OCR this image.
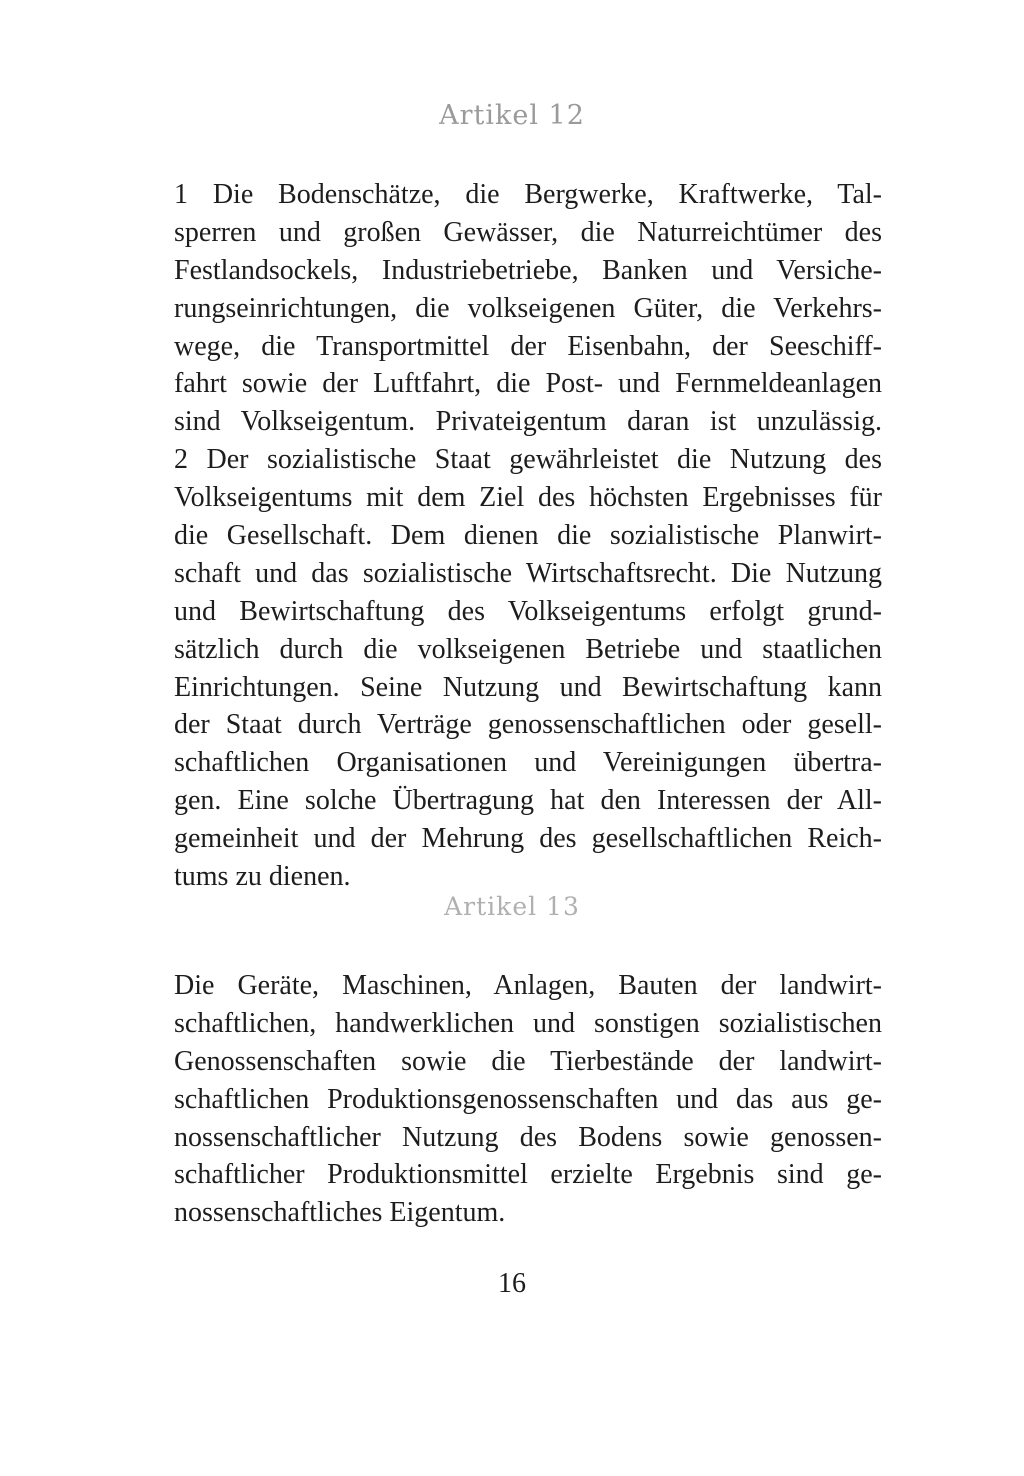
Artikel 12
1 Die Bodenschätze, die Bergwerke, Kraftwerke, Tal-
sperren und großen Gewässer, die Naturreichtümer des
Festlandsockels, Industriebetriebe, Banken und Versiche-
rungseinrichtungen, die volkseigenen Güter, die Verkehrs-
wege, die Transportmittel der Eisenbahn, der Seeschiff-
fahrt sowie der Luftfahrt, die Post- und Fernmeldeanlagen
sind Volkseigentum. Privateigentum daran ist unzulässig.
2 Der sozialistische Staat gewährleistet die Nutzung des
Volkseigentums mit dem Ziel des höchsten Ergebnisses für
die Gesellschaft. Dem dienen die sozialistische Planwirt-
schaft und das sozialistische Wirtschaftsrecht. Die Nutzung
und Bewirtschaftung des Volkseigentums erfolgt grund-
sätzlich durch die volkseigenen Betriebe und staatlichen
Einrichtungen. Seine Nutzung und Bewirtschaftung kann
der Staat durch Verträge genossenschaftlichen oder gesell-
schaftlichen Organisationen und Vereinigungen übertra-
gen. Eine solche Übertragung hat den Interessen der All-
gemeinheit und der Mehrung des gesellschaftlichen Reich-
tums zu dienen.
Artikel 13
Die Geräte, Maschinen, Anlagen, Bauten der landwirt-
schaftlichen, handwerklichen und sonstigen sozialistischen
Genossenschaften sowie die Tierbestände der landwirt-
schaftlichen Produktionsgenossenschaften und das aus ge-
nossenschaftlicher Nutzung des Bodens sowie genossen-
schaftlicher Produktionsmittel erzielte Ergebnis sind ge-
nossenschaftliches Eigentum.
16
